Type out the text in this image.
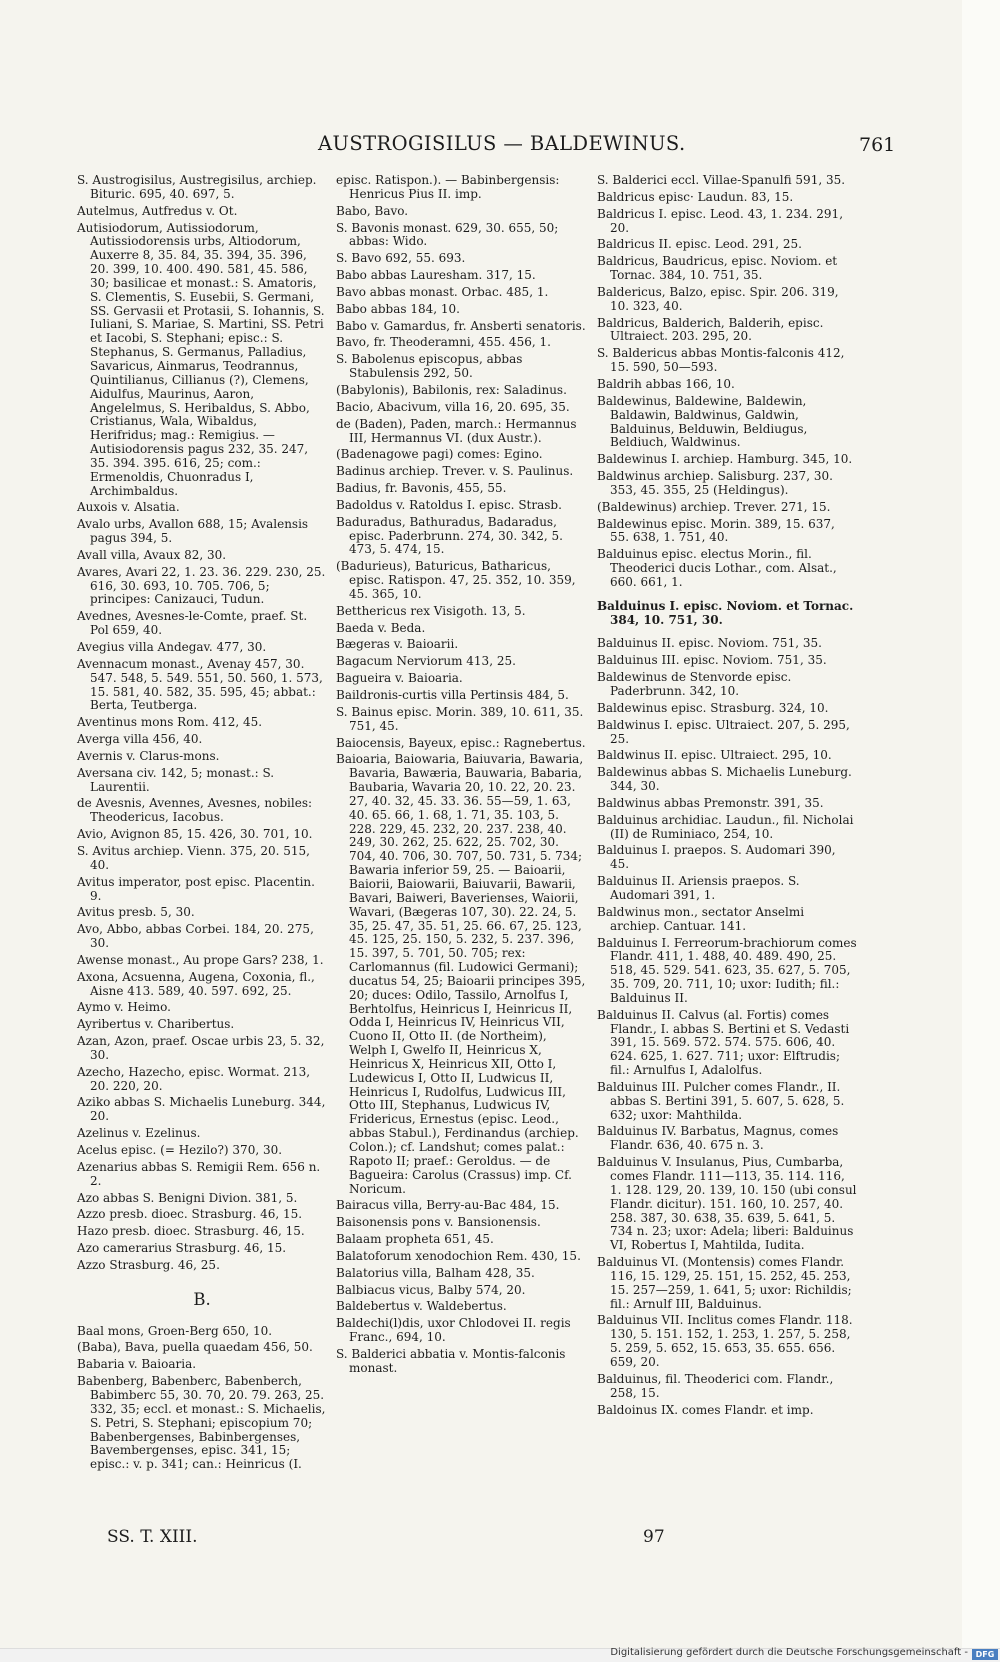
AUSTROGISILUS — BALDEWINUS.	761
S. Austrogisilus, Austregisilus, archiep. Bituric. 695, 40. 697, 5.
Autelmus, Autfredus v. Ot.
Autisiodorum, Autissiodorum, Autissiodorensis urbs, Altiodorum, Auxerre 8, 35. 84, 35. 394, 35. 396, 20. 399, 10. 400. 490. 581, 45. 586, 30; basilicae et monast.: S. Amatoris, S. Clementis, S. Eusebii, S. Germani, SS. Gervasii et Protasii, S. Iohannis, S. Iuliani, S. Mariae, S. Martini, SS. Petri et Iacobi, S. Stephani; episc.: S. Stephanus, S. Germanus, Palladius, Savaricus, Ainmarus, Teodrannus, Quintilianus, Cillianus (?), Clemens, Aidulfus, Maurinus, Aaron, Angelelmus, S. Heribaldus, S. Abbo, Cristianus, Wala, Wibaldus, Herifridus; mag.: Remigius. — Autisiodorensis pagus 232, 35. 247, 35. 394. 395. 616, 25; com.: Ermenoldis, Chuonradus I, Archimbaldus.
Auxois v. Alsatia.
Avalo urbs, Avallon 688, 15; Avalensis pagus 394, 5.
Avall villa, Avaux 82, 30.
Avares, Avari 22, 1. 23. 36. 229. 230, 25. 616, 30. 693, 10. 705. 706, 5; principes: Canizauci, Tudun.
Avednes, Avesnes-le-Comte, praef. St. Pol 659, 40.
Avegius villa Andegav. 477, 30.
Avennacum monast., Avenay 457, 30. 547. 548, 5. 549. 551, 50. 560, 1. 573, 15. 581, 40. 582, 35. 595, 45; abbat.: Berta, Teutberga.
Aventinus mons Rom. 412, 45.
Averga villa 456, 40.
Avernis v. Clarus-mons.
Aversana civ. 142, 5; monast.: S. Laurentii.
de Avesnis, Avennes, Avesnes, nobiles: Theodericus, Iacobus.
Avio, Avignon 85, 15. 426, 30. 701, 10.
S. Avitus archiep. Vienn. 375, 20. 515, 40.
Avitus imperator, post episc. Placentin. 9.
Avitus presb. 5, 30.
Avo, Abbo, abbas Corbei. 184, 20. 275, 30.
Awense monast., Au prope Gars? 238, 1.
Axona, Acsuenna, Augena, Coxonia, fl., Aisne 413. 589, 40. 597. 692, 25.
Aymo v. Heimo.
Ayribertus v. Charibertus.
Azan, Azon, praef. Oscae urbis 23, 5. 32, 30.
Azecho, Hazecho, episc. Wormat. 213, 20. 220, 20.
Aziko abbas S. Michaelis Luneburg. 344, 20.
Azelinus v. Ezelinus.
Acelus episc. (= Hezilo?) 370, 30.
Azenarius abbas S. Remigii Rem. 656 n. 2.
Azo abbas S. Benigni Divion. 381, 5.
Azzo presb. dioec. Strasburg. 46, 15.
Hazo presb. dioec. Strasburg. 46, 15.
Azo camerarius Strasburg. 46, 15.
Azzo Strasburg. 46, 25.
B.
Baal mons, Groen-Berg 650, 10.
(Baba), Bava, puella quaedam 456, 50.
Babaria v. Baioaria.
Babenberg, Babenberc, Babenberch, Babimberc 55, 30. 70, 20. 79. 263, 25. 332, 35; eccl. et monast.: S. Michaelis, S. Petri, S. Stephani; episcopium 70; Babenbergenses, Babinbergenses, Bavembergenses, episc. 341, 15; episc.: v. p. 341; can.: Heinricus (I.
episc. Ratispon.). — Babinbergensis: Henricus Pius II. imp.
Babo, Bavo.
S. Bavonis monast. 629, 30. 655, 50; abbas: Wido.
S. Bavo 692, 55. 693.
Babo abbas Lauresham. 317, 15.
Bavo abbas monast. Orbac. 485, 1.
Babo abbas 184, 10.
Babo v. Gamardus, fr. Ansberti senatoris.
Bavo, fr. Theoderamni, 455. 456, 1.
S. Babolenus episcopus, abbas Stabulensis 292, 50.
(Babylonis), Babilonis, rex: Saladinus.
Bacio, Abacivum, villa 16, 20. 695, 35.
de (Baden), Paden, march.: Hermannus III, Hermannus VI. (dux Austr.).
(Badenagowe pagi) comes: Egino.
Badinus archiep. Trever. v. S. Paulinus.
Badius, fr. Bavonis, 455, 55.
Badoldus v. Ratoldus I. episc. Strasb.
Baduradus, Bathuradus, Badaradus, episc. Paderbrunn. 274, 30. 342, 5. 473, 5. 474, 15.
(Badurieus), Baturicus, Batharicus, episc. Ratispon. 47, 25. 352, 10. 359, 45. 365, 10.
Betthericus rex Visigoth. 13, 5.
Baeda v. Beda.
Bægeras v. Baioarii.
Bagacum Nerviorum 413, 25.
Bagueira v. Baioaria.
Baildronis-curtis villa Pertinsis 484, 5.
S. Bainus episc. Morin. 389, 10. 611, 35. 751, 45.
Baiocensis, Bayeux, episc.: Ragnebertus.
Baioaria, Baiowaria, Baiuvaria, Bawaria, Bavaria, Bawæria, Bauwaria, Babaria, Baubaria, Wavaria 20, 10. 22, 20. 23. 27, 40. 32, 45. 33. 36. 55—59, 1. 63, 40. 65. 66, 1. 68, 1. 71, 35. 103, 5. 228. 229, 45. 232, 20. 237. 238, 40. 249, 30. 262, 25. 622, 25. 702, 30. 704, 40. 706, 30. 707, 50. 731, 5. 734; Bawaria inferior 59, 25. — Baioarii, Baiorii, Baiowarii, Baiuvarii, Bawarii, Bavari, Baiweri, Baverienses, Waiorii, Wavari, (Bægeras 107, 30). 22. 24, 5. 35, 25. 47, 35. 51, 25. 66. 67, 25. 123, 45. 125, 25. 150, 5. 232, 5. 237. 396, 15. 397, 5. 701, 50. 705; rex: Carlomannus (fil. Ludowici Germani); ducatus 54, 25; Baioarii principes 395, 20; duces: Odilo, Tassilo, Arnolfus I, Berhtolfus, Heinricus I, Heinricus II, Odda I, Heinricus IV, Heinricus VII, Cuono II, Otto II. (de Northeim), Welph I, Gwelfo II, Heinricus X, Heinricus X, Heinricus XII, Otto I, Ludewicus I, Otto II, Ludwicus II, Heinricus I, Rudolfus, Ludwicus III, Otto III, Stephanus, Ludwicus IV, Fridericus, Ernestus (episc. Leod., abbas Stabul.), Ferdinandus (archiep. Colon.); cf. Landshut; comes palat.: Rapoto II; praef.: Geroldus. — de Bagueira: Carolus (Crassus) imp. Cf. Noricum.
Bairacus villa, Berry-au-Bac 484, 15.
Baisonensis pons v. Bansionensis.
Balaam propheta 651, 45.
Balatoforum xenodochion Rem. 430, 15.
Balatorius villa, Balham 428, 35.
Balbiacus vicus, Balby 574, 20.
Baldebertus v. Waldebertus.
Baldechi(l)dis, uxor Chlodovei II. regis Franc., 694, 10.
S. Balderici abbatia v. Montis-falconis monast.
S. Balderici eccl. Villae-Spanulfi 591, 35.
Baldricus episc· Laudun. 83, 15.
Baldricus I. episc. Leod. 43, 1. 234. 291, 20.
Baldricus II. episc. Leod. 291, 25.
Baldricus, Baudricus, episc. Noviom. et Tornac. 384, 10. 751, 35.
Baldericus, Balzo, episc. Spir. 206. 319, 10. 323, 40.
Baldricus, Balderich, Balderih, episc. Ultraiect. 203. 295, 20.
S. Baldericus abbas Montis-falconis 412, 15. 590, 50—593.
Baldrih abbas 166, 10.
Baldewinus, Baldewine, Baldewin, Baldawin, Baldwinus, Galdwin, Balduinus, Belduwin, Beldiugus, Beldiuch, Waldwinus.
Baldewinus I. archiep. Hamburg. 345, 10.
Baldwinus archiep. Salisburg. 237, 30. 353, 45. 355, 25 (Heldingus).
(Baldewinus) archiep. Trever. 271, 15.
Baldewinus episc. Morin. 389, 15. 637, 55. 638, 1. 751, 40.
Balduinus episc. electus Morin., fil. Theoderici ducis Lothar., com. Alsat., 660. 661, 1.
Balduinus I. episc. Noviom. et Tornac. 384, 10. 751, 30.
Balduinus II. episc. Noviom. 751, 35.
Balduinus III. episc. Noviom. 751, 35.
Baldewinus de Stenvorde episc. Paderbrunn. 342, 10.
Baldewinus episc. Strasburg. 324, 10.
Baldwinus I. episc. Ultraiect. 207, 5. 295, 25.
Baldwinus II. episc. Ultraiect. 295, 10.
Baldewinus abbas S. Michaelis Luneburg. 344, 30.
Baldwinus abbas Premonstr. 391, 35.
Balduinus archidiac. Laudun., fil. Nicholai (II) de Ruminiaco, 254, 10.
Balduinus I. praepos. S. Audomari 390, 45.
Balduinus II. Ariensis praepos. S. Audomari 391, 1.
Baldwinus mon., sectator Anselmi archiep. Cantuar. 141.
Balduinus I. Ferreorum-brachiorum comes Flandr. 411, 1. 488, 40. 489. 490, 25. 518, 45. 529. 541. 623, 35. 627, 5. 705, 35. 709, 20. 711, 10; uxor: Iudith; fil.: Balduinus II.
Balduinus II. Calvus (al. Fortis) comes Flandr., I. abbas S. Bertini et S. Vedasti 391, 15. 569. 572. 574. 575. 606, 40. 624. 625, 1. 627. 711; uxor: Elftrudis; fil.: Arnulfus I, Adalolfus.
Balduinus III. Pulcher comes Flandr., II. abbas S. Bertini 391, 5. 607, 5. 628, 5. 632; uxor: Mahthilda.
Balduinus IV. Barbatus, Magnus, comes Flandr. 636, 40. 675 n. 3.
Balduinus V. Insulanus, Pius, Cumbarba, comes Flandr. 111—113, 35. 114. 116, 1. 128. 129, 20. 139, 10. 150 (ubi consul Flandr. dicitur). 151. 160, 10. 257, 40. 258. 387, 30. 638, 35. 639, 5. 641, 5. 734 n. 23; uxor: Adela; liberi: Balduinus VI, Robertus I, Mahtilda, Iudita.
Balduinus VI. (Montensis) comes Flandr. 116, 15. 129, 25. 151, 15. 252, 45. 253, 15. 257—259, 1. 641, 5; uxor: Richildis; fil.: Arnulf III, Balduinus.
Balduinus VII. Inclitus comes Flandr. 118. 130, 5. 151. 152, 1. 253, 1. 257, 5. 258, 5. 259, 5. 652, 15. 653, 35. 655. 656. 659, 20.
Balduinus, fil. Theoderici com. Flandr., 258, 15.
Baldoinus IX. comes Flandr. et imp.
SS. T. XIII.	97
Digitalisierung gefördert durch die Deutsche Forschungsgemeinschaft - DFG
